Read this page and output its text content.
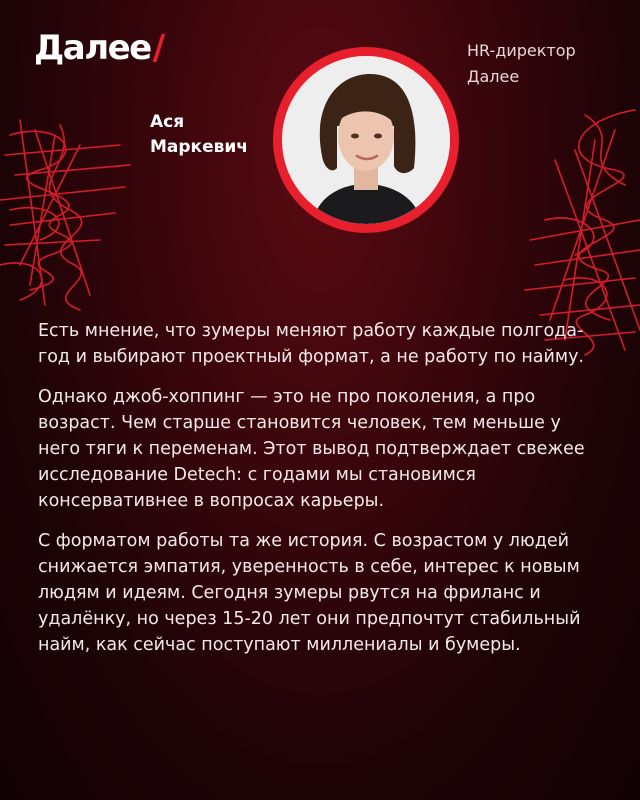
Далее /
Ася
Маркевич
HR-директор
Далее

Есть мнение, что зумеры меняют работу каждые полгода-год и выбирают проектный формат, а не работу по найму.

Однако джоб-хоппинг — это не про поколения, а про возраст. Чем старше становится человек, тем меньше у него тяги к переменам. Этот вывод подтверждает свежее исследование Detech: с годами мы становимся консервативнее в вопросах карьеры.

С форматом работы та же история. С возрастом у людей снижается эмпатия, уверенность в себе, интерес к новым людям и идеям. Сегодня зумеры рвутся на фриланс и удалёнку, но через 15-20 лет они предпочтут стабильный найм, как сейчас поступают миллениалы и бумеры.
